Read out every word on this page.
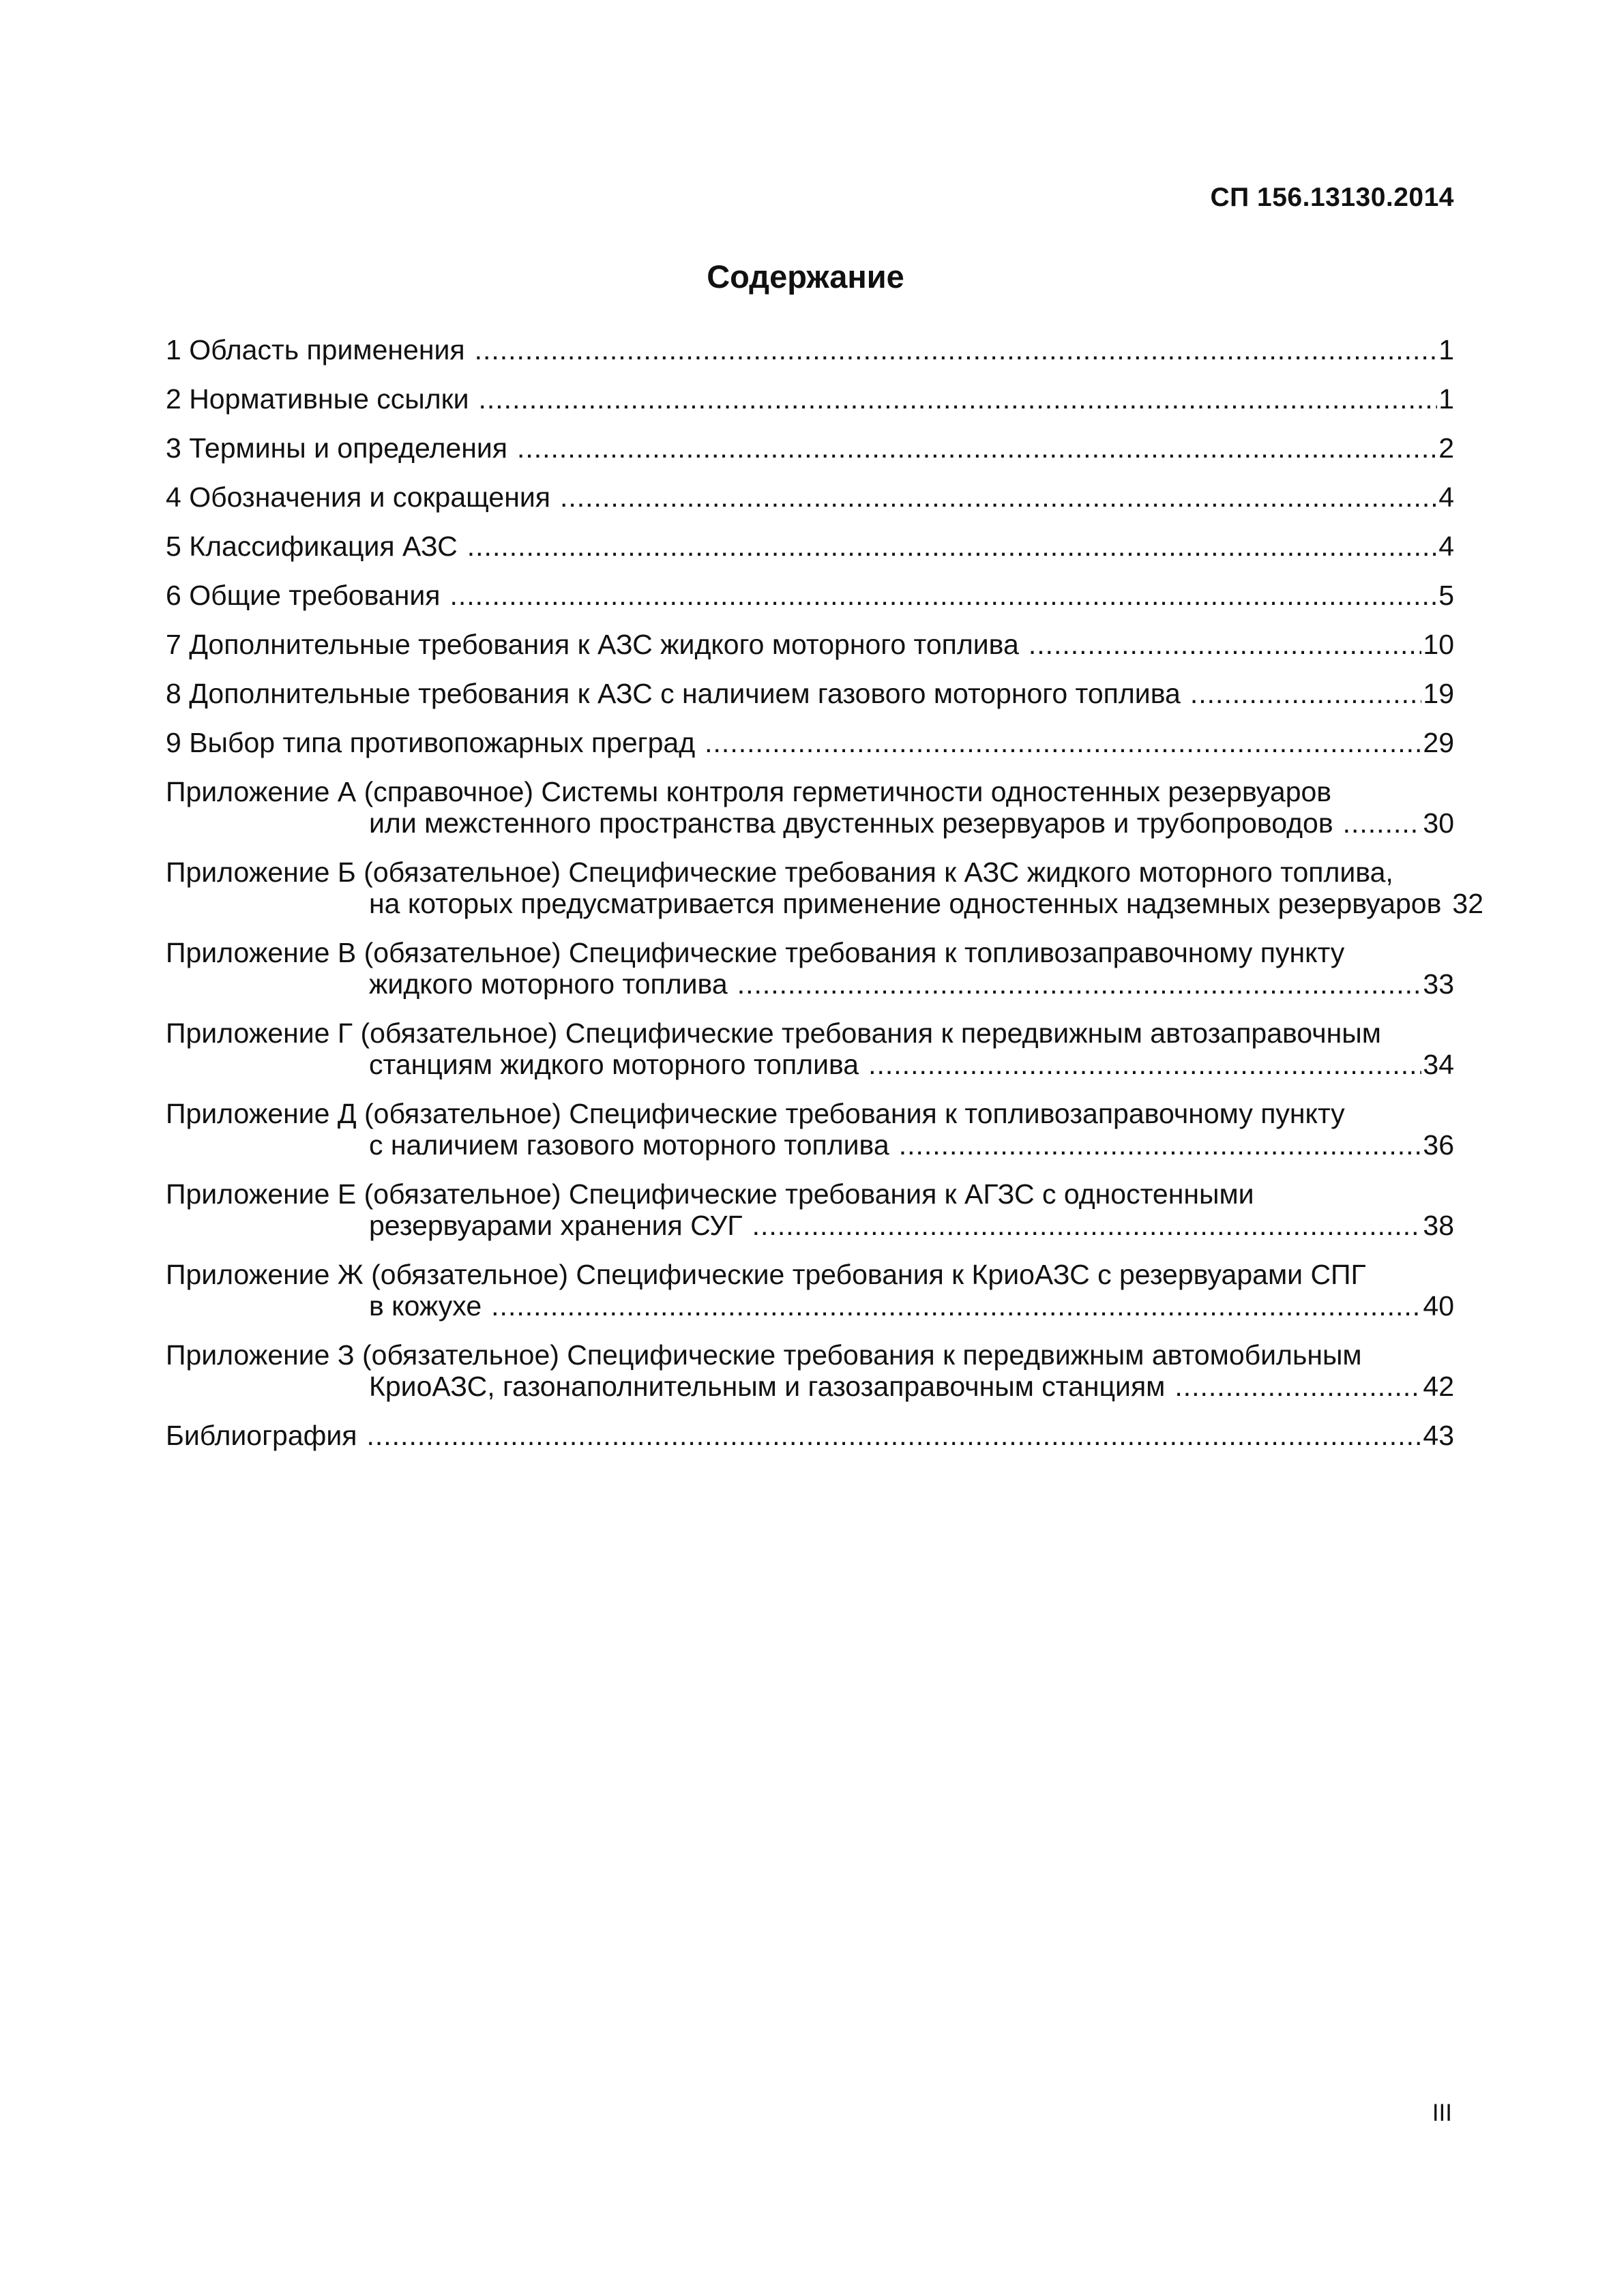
СП 156.13130.2014
Содержание
1 Область применения .....	1
2 Нормативные ссылки .....	1
3 Термины и определения .....	2
4 Обозначения и сокращения .....	4
5 Классификация АЗС .....	4
6 Общие требования .....	5
7 Дополнительные требования к АЗС жидкого моторного топлива .....	10
8 Дополнительные требования к АЗС с наличием газового моторного топлива .....	19
9 Выбор типа противопожарных преград .....	29
Приложение А (справочное) Системы контроля герметичности одностенных резервуаров
или межстенного пространства двустенных резервуаров и трубопроводов .....	30
Приложение Б (обязательное) Специфические требования к АЗС жидкого моторного топлива,
на которых предусматривается применение одностенных надземных резервуаров 32
Приложение В (обязательное) Специфические требования к топливозаправочному пункту
жидкого моторного топлива .....	33
Приложение Г (обязательное) Специфические требования к передвижным автозаправочным
станциям жидкого моторного топлива .....	34
Приложение Д (обязательное) Специфические требования к топливозаправочному пункту
с наличием газового моторного топлива .....	36
Приложение Е (обязательное) Специфические требования к АГЗС с одностенными
резервуарами хранения СУГ .....	38
Приложение Ж (обязательное) Специфические требования к КриоАЗС с резервуарами СПГ
в кожухе .....	40
Приложение З (обязательное) Специфические требования к передвижным автомобильным
КриоАЗС, газонаполнительным и газозаправочным станциям .....	42
Библиография .....	43
III
